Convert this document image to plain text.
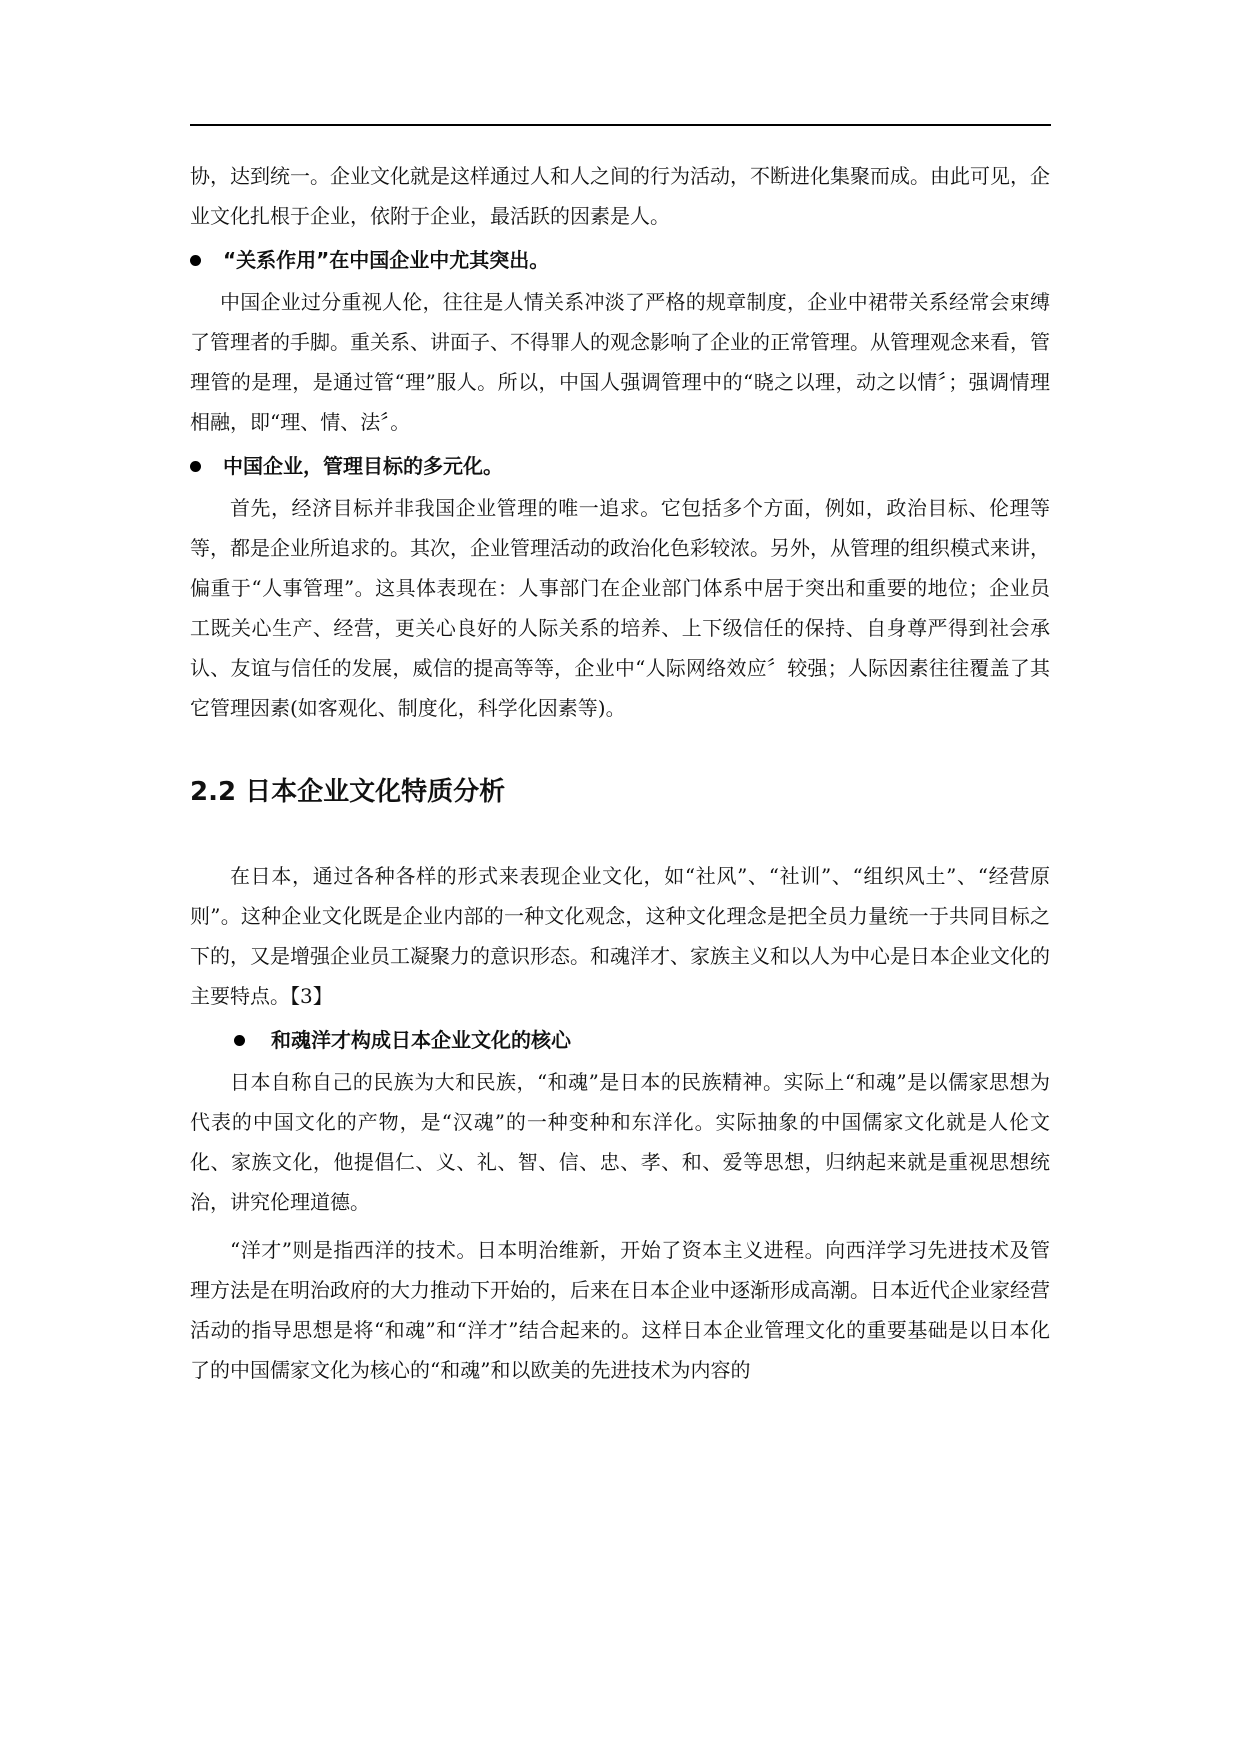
协，达到统一。企业文化就是这样通过人和人之间的行为活动，不断进化集聚而成。由此可见，企业文化扎根于企业，依附于企业，最活跃的因素是人。

“关系作用”在中国企业中尤其突出。

中国企业过分重视人伦，往往是人情关系冲淡了严格的规章制度，企业中裙带关系经常会束缚了管理者的手脚。重关系、讲面子、不得罪人的观念影响了企业的正常管理。从管理观念来看，管理管的是理，是通过管“理”服人。所以，中国人强调管理中的“晓之以理，动之以情〞；强调情理相融，即“理、情、法〞。

中国企业，管理目标的多元化。

首先，经济目标并非我国企业管理的唯一追求。它包括多个方面，例如，政治目标、伦理等等，都是企业所追求的。其次，企业管理活动的政治化色彩较浓。另外，从管理的组织模式来讲，偏重于“人事管理”。这具体表现在：人事部门在企业部门体系中居于突出和重要的地位；企业员工既关心生产、经营，更关心良好的人际关系的培养、上下级信任的保持、自身尊严得到社会承认、友谊与信任的发展，威信的提高等等，企业中“人际网络效应〞较强；人际因素往往覆盖了其它管理因素(如客观化、制度化，科学化因素等)。

2.2 日本企业文化特质分析

在日本，通过各种各样的形式来表现企业文化，如“社风”、“社训”、“组织风土”、“经营原则”。这种企业文化既是企业内部的一种文化观念，这种文化理念是把全员力量统一于共同目标之下的，又是增强企业员工凝聚力的意识形态。和魂洋才、家族主义和以人为中心是日本企业文化的主要特点。【3】

和魂洋才构成日本企业文化的核心

日本自称自己的民族为大和民族，“和魂”是日本的民族精神。实际上“和魂”是以儒家思想为代表的中国文化的产物，是“汉魂”的一种变种和东洋化。实际抽象的中国儒家文化就是人伦文化、家族文化，他提倡仁、义、礼、智、信、忠、孝、和、爱等思想，归纳起来就是重视思想统治，讲究伦理道德。

“洋才”则是指西洋的技术。日本明治维新，开始了资本主义进程。向西洋学习先进技术及管理方法是在明治政府的大力推动下开始的，后来在日本企业中逐渐形成高潮。日本近代企业家经营活动的指导思想是将“和魂”和“洋才”结合起来的。这样日本企业管理文化的重要基础是以日本化了的中国儒家文化为核心的“和魂”和以欧美的先进技术为内容的
